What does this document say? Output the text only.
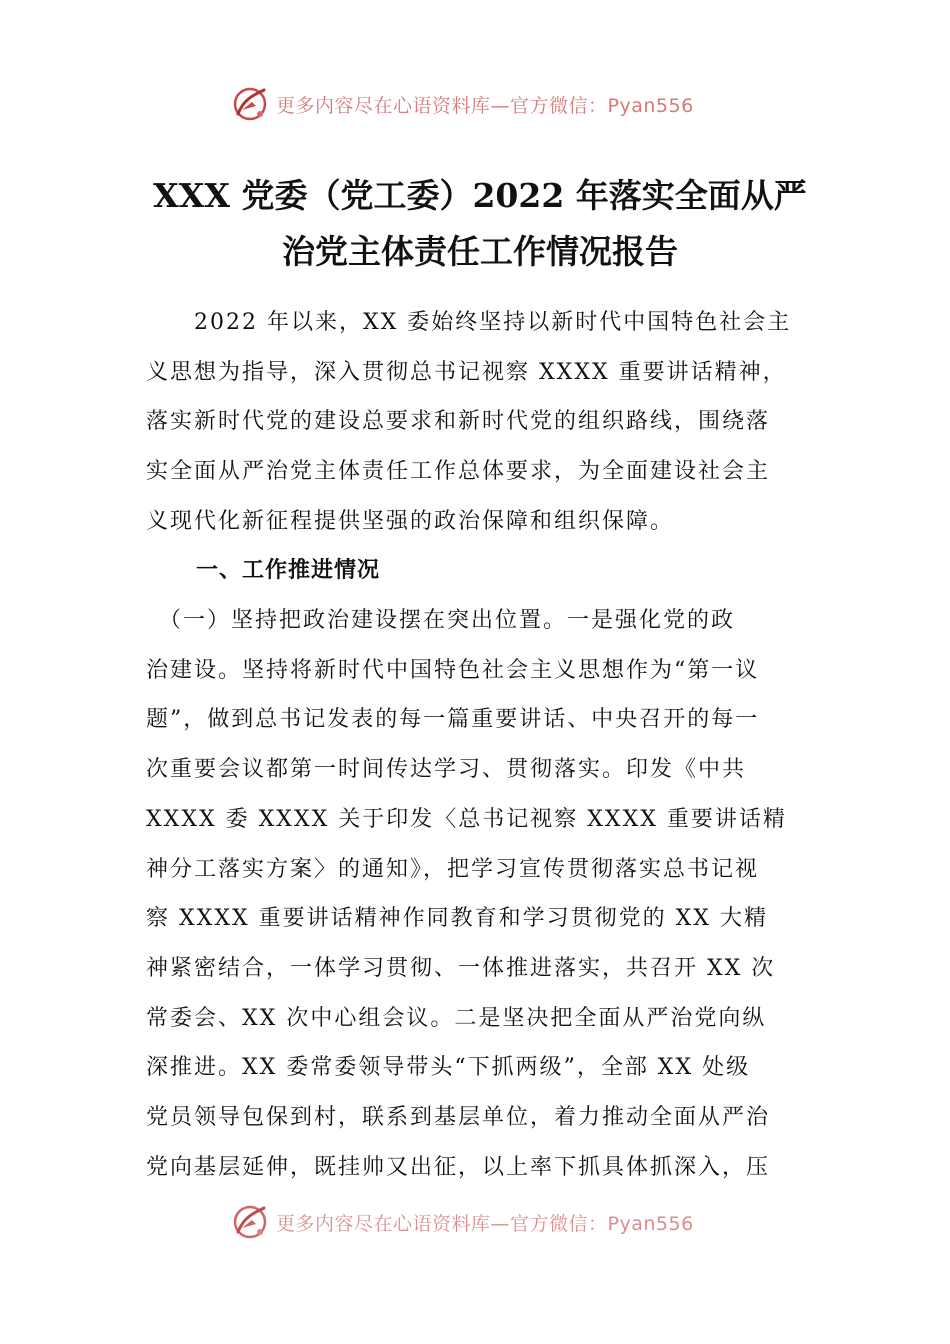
更多内容尽在心语资料库—官方微信：Pyan556
XXX 党委（党工委）2022 年落实全面从严
治党主体责任工作情况报告
　　2022 年以来，XX 委始终坚持以新时代中国特色社会主
义思想为指导，深入贯彻总书记视察 XXXX 重要讲话精神，
落实新时代党的建设总要求和新时代党的组织路线，围绕落
实全面从严治党主体责任工作总体要求，为全面建设社会主
义现代化新征程提供坚强的政治保障和组织保障。
一、工作推进情况
　（一）坚持把政治建设摆在突出位置。一是强化党的政
治建设。坚持将新时代中国特色社会主义思想作为“第一议
题”，做到总书记发表的每一篇重要讲话、中央召开的每一
次重要会议都第一时间传达学习、贯彻落实。印发《中共
XXXX 委 XXXX 关于印发〈总书记视察 XXXX 重要讲话精
神分工落实方案〉的通知》，把学习宣传贯彻落实总书记视
察 XXXX 重要讲话精神作同教育和学习贯彻党的 XX 大精
神紧密结合，一体学习贯彻、一体推进落实，共召开 XX 次
常委会、XX 次中心组会议。二是坚决把全面从严治党向纵
深推进。XX 委常委领导带头“下抓两级”，全部 XX 处级
党员领导包保到村，联系到基层单位，着力推动全面从严治
党向基层延伸，既挂帅又出征，以上率下抓具体抓深入，压
更多内容尽在心语资料库—官方微信：Pyan556
